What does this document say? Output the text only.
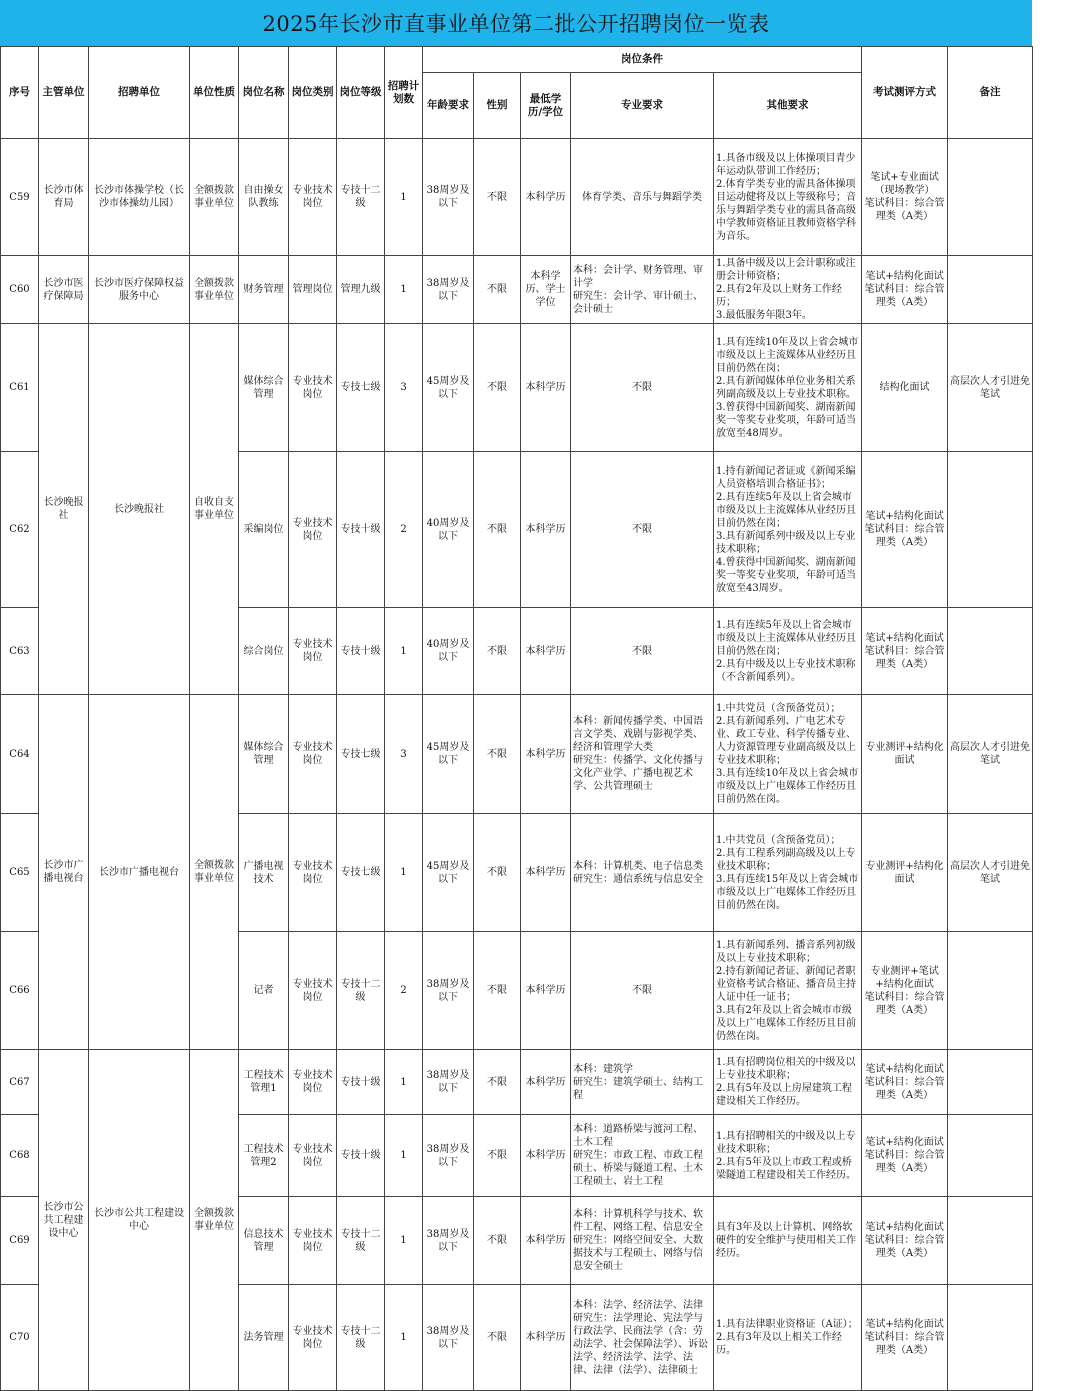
2025年长沙市直事业单位第二批公开招聘岗位一览表
序号	主管单位	招聘单位	单位性质	岗位名称	岗位类别	岗位等级	招聘计划数	岗位条件					考试测评方式	备注
								年龄要求	性别	最低学历/学位	专业要求	其他要求		
C59	长沙市体育局	长沙市体操学校（长沙市体操幼儿园）	全额拨款事业单位	自由操女队教练	专业技术岗位	专技十二级	1	38周岁及以下	不限	本科学历	体育学类、音乐与舞蹈学类	1.具备市级及以上体操项目青少年运动队带训工作经历；
2.体育学类专业的需具备体操项目运动健将及以上等级称号；音乐与舞蹈学类专业的需具备高级中学教师资格证且教师资格学科为音乐。	笔试+专业面试（现场教学）
笔试科目：综合管理类（A类）	
C60	长沙市医疗保障局	长沙市医疗保障权益服务中心	全额拨款事业单位	财务管理	管理岗位	管理九级	1	38周岁及以下	不限	本科学历、学士学位	本科：会计学、财务管理、审计学
研究生：会计学、审计硕士、会计硕士	1.具备中级及以上会计职称或注册会计师资格；
2.具有2年及以上财务工作经历；
3.最低服务年限3年。	笔试+结构化面试
笔试科目：综合管理类（A类）	
C61	长沙晚报社	长沙晚报社	自收自支事业单位	媒体综合管理	专业技术岗位	专技七级	3	45周岁及以下	不限	本科学历	不限	1.具有连续10年及以上省会城市市级及以上主流媒体从业经历且目前仍然在岗；
2.具有新闻媒体单位业务相关系列副高级及以上专业技术职称。
3.曾获得中国新闻奖、湖南新闻奖一等奖专业奖项，年龄可适当放宽至48周岁。	结构化面试	高层次人才引进免笔试
C62				采编岗位	专业技术岗位	专技十级	2	40周岁及以下	不限	本科学历	不限	1.持有新闻记者证或《新闻采编人员资格培训合格证书》；
2.具有连续5年及以上省会城市市级及以上主流媒体从业经历且目前仍然在岗；
3.具有新闻系列中级及以上专业技术职称；
4.曾获得中国新闻奖、湖南新闻奖一等奖专业奖项，年龄可适当放宽至43周岁。	笔试+结构化面试
笔试科目：综合管理类（A类）	
C63				综合岗位	专业技术岗位	专技十级	1	40周岁及以下	不限	本科学历	不限	1.具有连续5年及以上省会城市市级及以上主流媒体从业经历且目前仍然在岗；
2.具有中级及以上专业技术职称（不含新闻系列）。	笔试+结构化面试
笔试科目：综合管理类（A类）	
C64	长沙市广播电视台	长沙市广播电视台	全额拨款事业单位	媒体综合管理	专业技术岗位	专技七级	3	45周岁及以下	不限	本科学历	本科：新闻传播学类、中国语言文学类、戏剧与影视学类、经济和管理学大类
研究生：传播学、文化传播与文化产业学、广播电视艺术学、公共管理硕士	1.中共党员（含预备党员）；
2.具有新闻系列、广电艺术专业、政工专业、科学传播专业、人力资源管理专业副高级及以上专业技术职称；
3.具有连续10年及以上省会城市市级及以上广电媒体工作经历且目前仍然在岗。	专业测评+结构化面试	高层次人才引进免笔试
C65				广播电视技术	专业技术岗位	专技七级	1	45周岁及以下	不限	本科学历	本科：计算机类、电子信息类
研究生：通信系统与信息安全	1.中共党员（含预备党员）；
2.具有工程系列副高级及以上专业技术职称；
3.具有连续15年及以上省会城市市级及以上广电媒体工作经历且目前仍然在岗。	专业测评+结构化面试	高层次人才引进免笔试
C66				记者	专业技术岗位	专技十二级	2	38周岁及以下	不限	本科学历	不限	1.具有新闻系列、播音系列初级及以上专业技术职称；
2.持有新闻记者证、新闻记者职业资格考试合格证、播音员主持人证中任一证书；
3.具有2年及以上省会城市市级及以上广电媒体工作经历且目前仍然在岗。	专业测评+笔试+结构化面试
笔试科目：综合管理类（A类）	
C67	长沙市公共工程建设中心	长沙市公共工程建设中心	全额拨款事业单位	工程技术管理1	专业技术岗位	专技十级	1	38周岁及以下	不限	本科学历	本科：建筑学
研究生：建筑学硕士、结构工程	1.具有招聘岗位相关的中级及以上专业技术职称；
2.具有5年及以上房屋建筑工程建设相关工作经历。	笔试+结构化面试
笔试科目：综合管理类（A类）	
C68				工程技术管理2	专业技术岗位	专技十级	1	38周岁及以下	不限	本科学历	本科：道路桥梁与渡河工程、土木工程
研究生：市政工程、市政工程硕士、桥梁与隧道工程、土木工程硕士、岩土工程	1.具有招聘相关的中级及以上专业技术职称；
2.具有5年及以上市政工程或桥梁隧道工程建设相关工作经历。	笔试+结构化面试
笔试科目：综合管理类（A类）	
C69				信息技术管理	专业技术岗位	专技十二级	1	38周岁及以下	不限	本科学历	本科：计算机科学与技术、软件工程、网络工程、信息安全
研究生：网络空间安全、大数据技术与工程硕士、网络与信息安全硕士	具有3年及以上计算机、网络软硬件的安全维护与使用相关工作经历。	笔试+结构化面试
笔试科目：综合管理类（A类）	
C70				法务管理	专业技术岗位	专技十二级	1	38周岁及以下	不限	本科学历	本科：法学、经济法学、法律
研究生：法学理论、宪法学与行政法学、民商法学（含：劳动法学、社会保障法学）、诉讼法学、经济法学、法学、法律、法律（法学）、法律硕士	1.具有法律职业资格证（A证）；2.具有3年及以上相关工作经历。	笔试+结构化面试
笔试科目：综合管理类（A类）	
